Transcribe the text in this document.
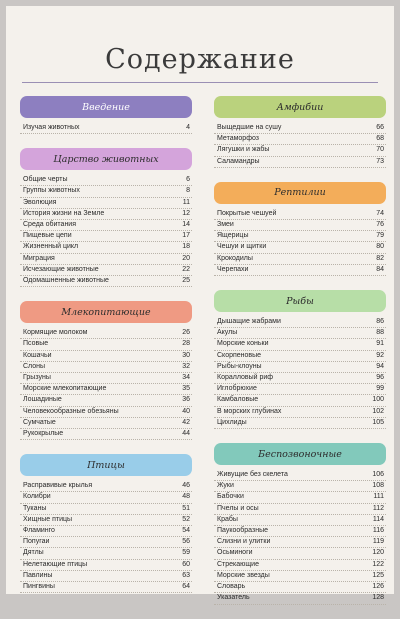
Содержание
Введение
Изучая животных	4
Царство животных
Общие черты	6
Группы животных	8
Эволюция	11
История жизни на Земле	12
Среда обитания	14
Пищевые цепи	17
Жизненный цикл	18
Миграция	20
Исчезающие животные	22
Одомашненные животные	25
Млекопитающие
Кормящие молоком	26
Псовые	28
Кошачьи	30
Слоны	32
Грызуны	34
Морские млекопитающие	35
Лошадиные	36
Человекообразные обезьяны	40
Сумчатые	42
Рукокрылые	44
Птицы
Расправивые крылья	46
Колибри	48
Туканы	51
Хищные птицы	52
Фламинго	54
Попугаи	56
Дятлы	59
Нелетающие птицы	60
Павлины	63
Пингвины	64
Амфибии
Выщедшие на сушу	66
Метаморфоз	68
Лягушки и жабы	70
Саламандры	73
Рептилии
Покрытые чешуей	74
Змеи	76
Ящерицы	79
Чешуи и щитки	80
Крокодилы	82
Черепахи	84
Рыбы
Дышащие жабрами	86
Акулы	88
Морские коньки	91
Скорпеновые	92
Рыбы-клоуны	94
Коралловый риф	96
Иглобрюхие	99
Камбаловые	100
В морских глубинах	102
Цихлиды	105
Беспозвоночные
Живущие без скелета	106
Жуки	108
Бабочки	111
Пчелы и осы	112
Крабы	114
Паукообразные	116
Слизни и улитки	119
Осьминоги	120
Стрекающие	122
Морские звезды	125
Словарь	126
Указатель	128
